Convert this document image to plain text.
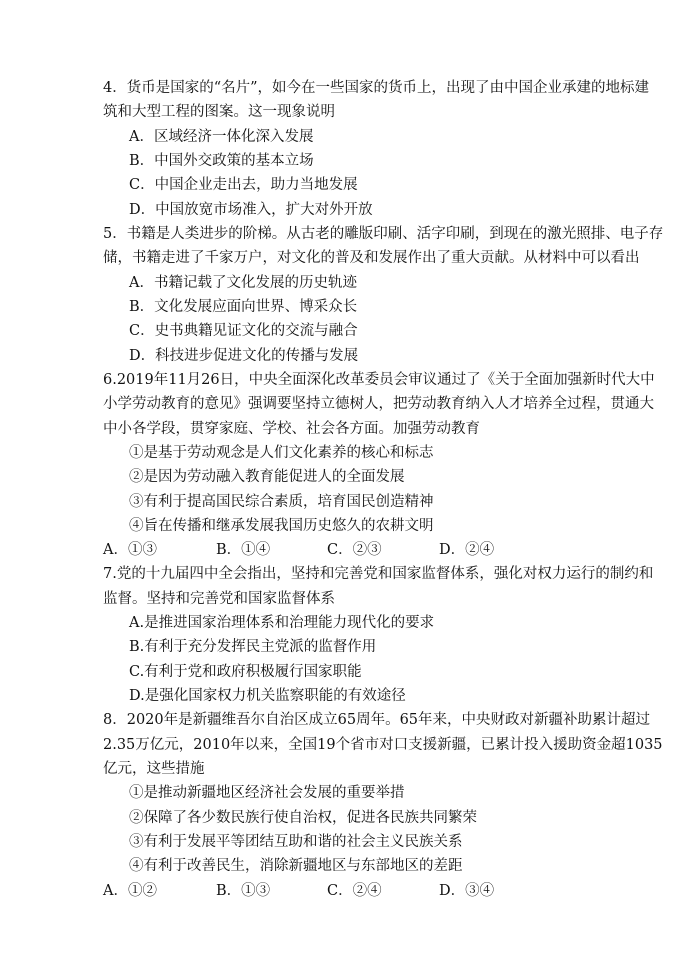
4．货币是国家的“名片”，如今在一些国家的货币上，出现了由中国企业承建的地标建
筑和大型工程的图案。这一现象说明
A．区域经济一体化深入发展
B．中国外交政策的基本立场
C．中国企业走出去，助力当地发展
D．中国放宽市场准入，扩大对外开放
5．书籍是人类进步的阶梯。从古老的雕版印刷、活字印刷，到现在的激光照排、电子存
储，书籍走进了千家万户，对文化的普及和发展作出了重大贡献。从材料中可以看出
A．书籍记载了文化发展的历史轨迹
B．文化发展应面向世界、博采众长
C．史书典籍见证文化的交流与融合
D．科技进步促进文化的传播与发展
6.2019年11月26日，中央全面深化改革委员会审议通过了《关于全面加强新时代大中
小学劳动教育的意见》强调要坚持立德树人，把劳动教育纳入人才培养全过程，贯通大
中小各学段，贯穿家庭、学校、社会各方面。加强劳动教育
①是基于劳动观念是人们文化素养的核心和标志
②是因为劳动融入教育能促进人的全面发展
③有利于提高国民综合素质，培育国民创造精神
④旨在传播和继承发展我国历史悠久的农耕文明
A．①③	B．①④	C．②③	D．②④
7.党的十九届四中全会指出，坚持和完善党和国家监督体系，强化对权力运行的制约和
监督。坚持和完善党和国家监督体系
A.是推进国家治理体系和治理能力现代化的要求
B.有利于充分发挥民主党派的监督作用
C.有利于党和政府积极履行国家职能
D.是强化国家权力机关监察职能的有效途径
8．2020年是新疆维吾尔自治区成立65周年。65年来，中央财政对新疆补助累计超过
2.35万亿元，2010年以来，全国19个省市对口支援新疆，已累计投入援助资金超1035
亿元，这些措施
①是推动新疆地区经济社会发展的重要举措
②保障了各少数民族行使自治权，促进各民族共同繁荣
③有利于发展平等团结互助和谐的社会主义民族关系
④有利于改善民生，消除新疆地区与东部地区的差距
A．①②	B．①③	C．②④	D．③④
